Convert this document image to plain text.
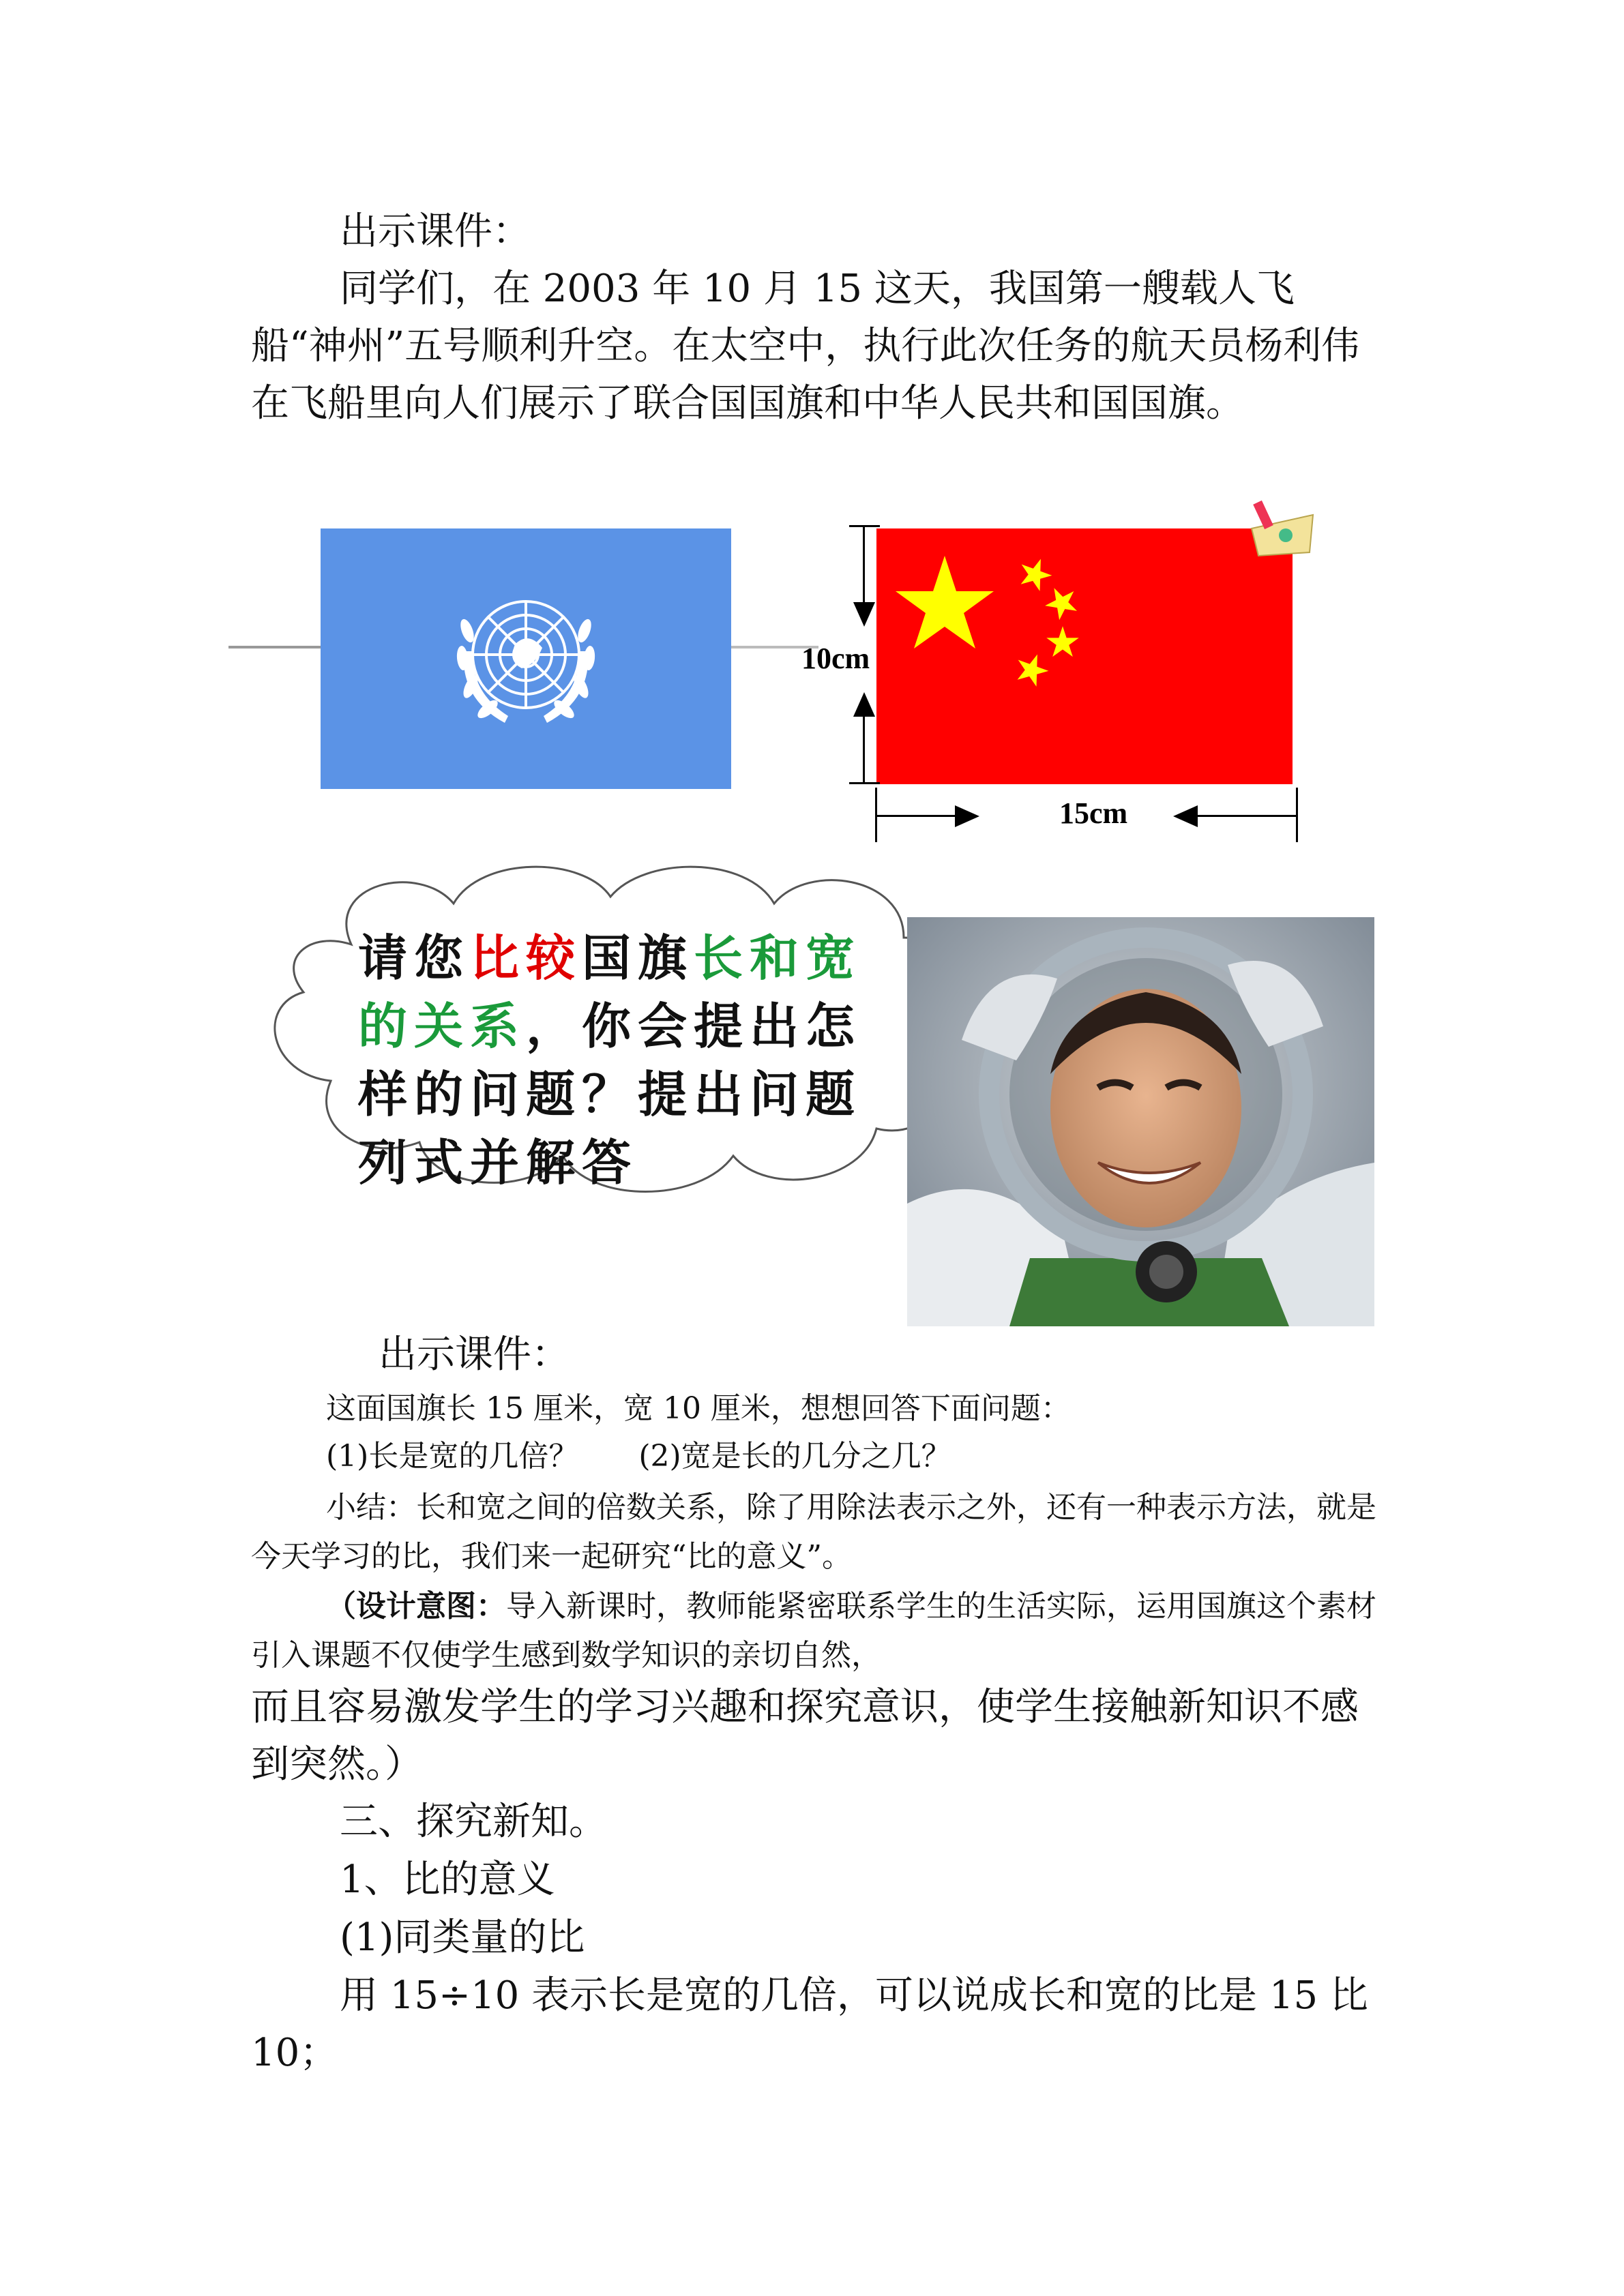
出示课件：

同学们，在 2003 年 10 月 15 这天，我国第一艘载人飞船“神州”五号顺利升空。在太空中，执行此次任务的航天员杨利伟在飞船里向人们展示了联合国国旗和中华人民共和国国旗。

10cm
15cm
请您比较国旗长和宽的关系，你会提出怎样的问题？提出问题列式并解答

出示课件：

这面国旗长 15 厘米，宽 10 厘米，想想回答下面问题：

(1)长是宽的几倍？   (2)宽是长的几分之几？

小结：长和宽之间的倍数关系，除了用除法表示之外，还有一种表示方法，就是今天学习的比，我们来一起研究“比的意义”。

（设计意图：导入新课时，教师能紧密联系学生的生活实际，运用国旗这个素材引入课题不仅使学生感到数学知识的亲切自然，

而且容易激发学生的学习兴趣和探究意识，使学生接触新知识不感到突然。）

三、探究新知。

1、比的意义

(1)同类量的比

用 15÷10 表示长是宽的几倍，可以说成长和宽的比是 15 比 10；
